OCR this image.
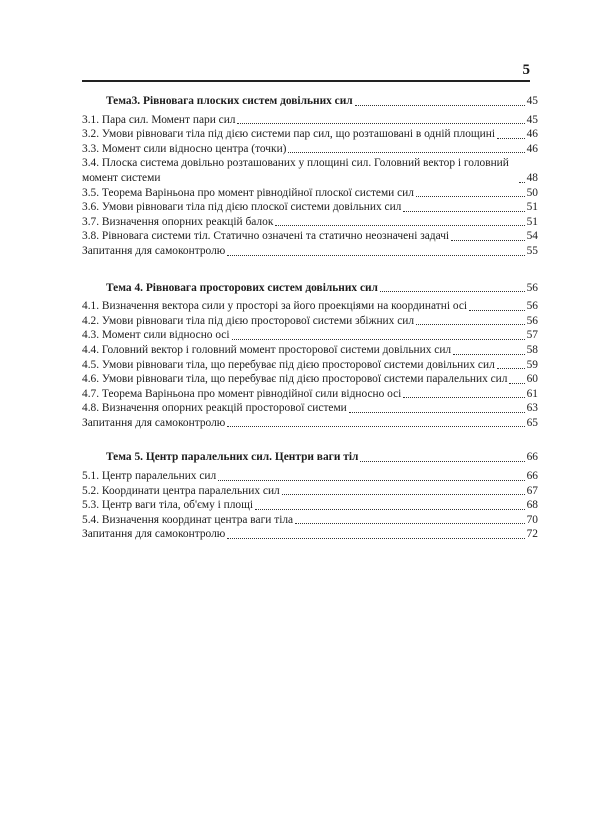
5
Тема3. Рівновага плоских систем довільних сил	45
3.1. Пара сил. Момент пари сил	45
3.2. Умови рівноваги тіла під дією системи пар сил, що розташовані в одній площині	46
3.3. Момент сили відносно центра (точки)	46
3.4. Плоска система довільно розташованих у площині сил. Головний вектор і головний момент системи	48
3.5. Теорема Варіньона про момент рівнодійної плоскої системи сил	50
3.6. Умови рівноваги тіла під дією плоскої системи довільних сил	51
3.7. Визначення опорних реакцій балок	51
3.8. Рівновага системи тіл. Статично означені та статично неозначені задачі	54
Запитання для самоконтролю	55
Тема 4. Рівновага просторових систем довільних сил	56
4.1. Визначення вектора сили у просторі за його проекціями на координатні осі	56
4.2. Умови рівноваги тіла під дією просторової системи збіжних сил	56
4.3. Момент сили відносно осі	57
4.4. Головний вектор і головний момент просторової системи довільних сил	58
4.5. Умови рівноваги тіла, що перебуває під дією просторової системи довільних сил	59
4.6. Умови рівноваги тіла, що перебуває під дією просторової системи паралельних сил 60
4.7. Теорема Варіньона про момент рівнодійної сили відносно осі	61
4.8. Визначення опорних реакцій просторової системи	63
Запитання для самоконтролю	65
Тема 5. Центр паралельних сил. Центри ваги тіл	66
5.1. Центр паралельних сил	66
5.2. Координати центра паралельних сил	67
5.3. Центр ваги тіла, об'єму і площі	68
5.4. Визначення координат центра ваги тіла	70
Запитання для самоконтролю	72
